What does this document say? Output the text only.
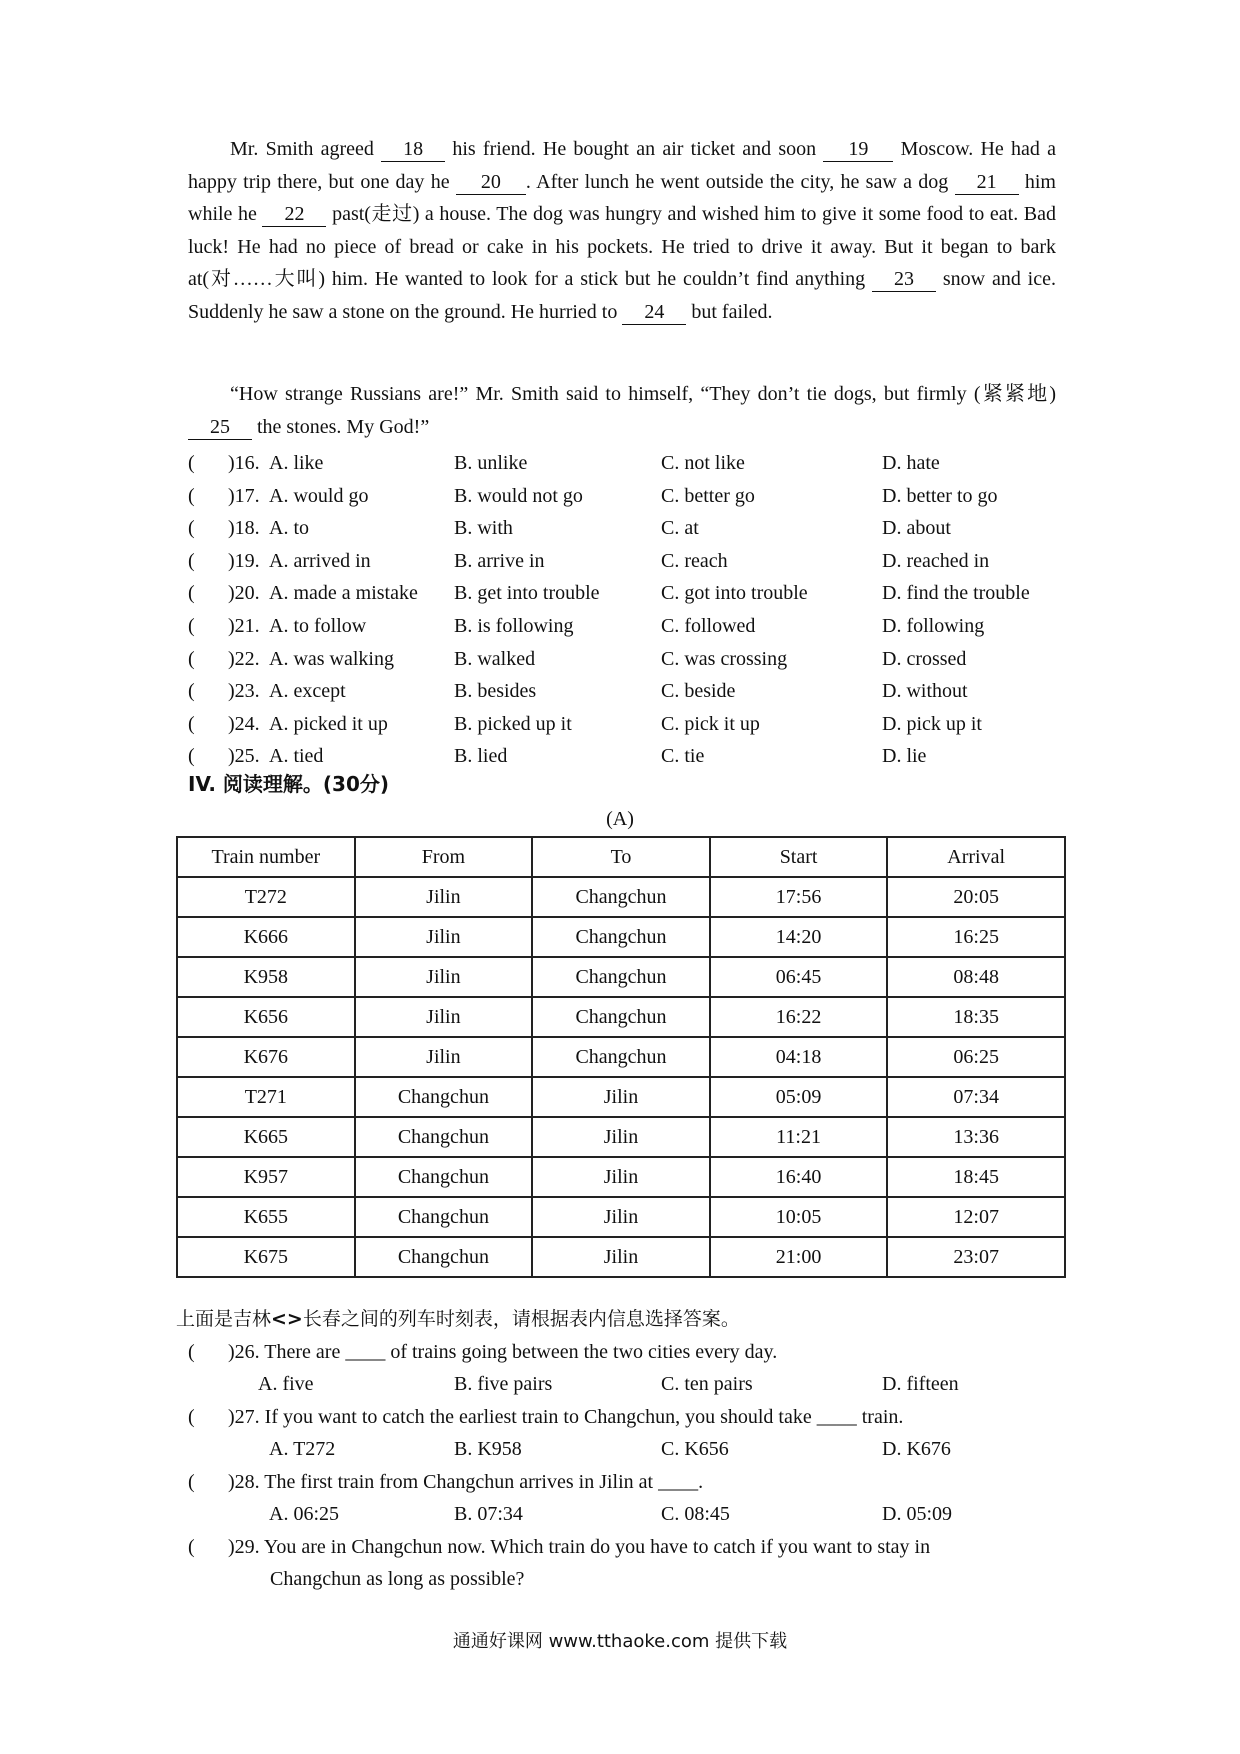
Mr. Smith agreed 18 his friend. He bought an air ticket and soon 19 Moscow. He had a happy trip there, but one day he 20 . After lunch he went outside the city, he saw a dog 21 him while he 22 past(走过) a house. The dog was hungry and wished him to give it some food to eat. Bad luck! He had no piece of bread or cake in his pockets. He tried to drive it away. But it began to bark at(对……大叫) him. He wanted to look for a stick but he couldn’t find anything 23 snow and ice. Suddenly he saw a stone on the ground. He hurried to 24 but failed.

“How strange Russians are!” Mr. Smith said to himself, “They don’t tie dogs, but firmly (紧紧地) 25 the stones. My God!”

( )16. A. like	B. unlike	C. not like	D. hate
( )17. A. would go	B. would not go	C. better go	D. better to go
( )18. A. to	B. with	C. at	D. about
( )19. A. arrived in	B. arrive in	C. reach	D. reached in
( )20. A. made a mistake B. get into trouble	C. got into trouble	D. find the trouble
( )21. A. to follow	B. is following	C. followed	D. following
( )22. A. was walking	B. walked	C. was crossing	D. crossed
( )23. A. except	B. besides	C. beside	D. without
( )24. A. picked it up	B. picked up it	C. pick it up	D. pick up it
( )25. A. tied	B. lied	C. tie	D. lie
IV. 阅读理解。(30分)
(A)
Train number	From	To	Start	Arrival
T272	Jilin	Changchun	17:56	20:05
K666	Jilin	Changchun	14:20	16:25
K958	Jilin	Changchun	06:45	08:48
K656	Jilin	Changchun	16:22	18:35
K676	Jilin	Changchun	04:18	06:25
T271	Changchun	Jilin	05:09	07:34
K665	Changchun	Jilin	11:21	13:36
K957	Changchun	Jilin	16:40	18:45
K655	Changchun	Jilin	10:05	12:07
K675	Changchun	Jilin	21:00	23:07
上面是吉林<>长春之间的列车时刻表，请根据表内信息选择答案。
( )26. There are ____ of trains going between the two cities every day.
A. five	B. five pairs	C. ten pairs	D. fifteen
( )27. If you want to catch the earliest train to Changchun, you should take ____ train.
A. T272	B. K958	C. K656	D. K676
( )28. The first train from Changchun arrives in Jilin at ____.
A. 06:25	B. 07:34	C. 08:45	D. 05:09
( )29. You are in Changchun now. Which train do you have to catch if you want to stay in
Changchun as long as possible?
通通好课网 www.tthaoke.com 提供下载
